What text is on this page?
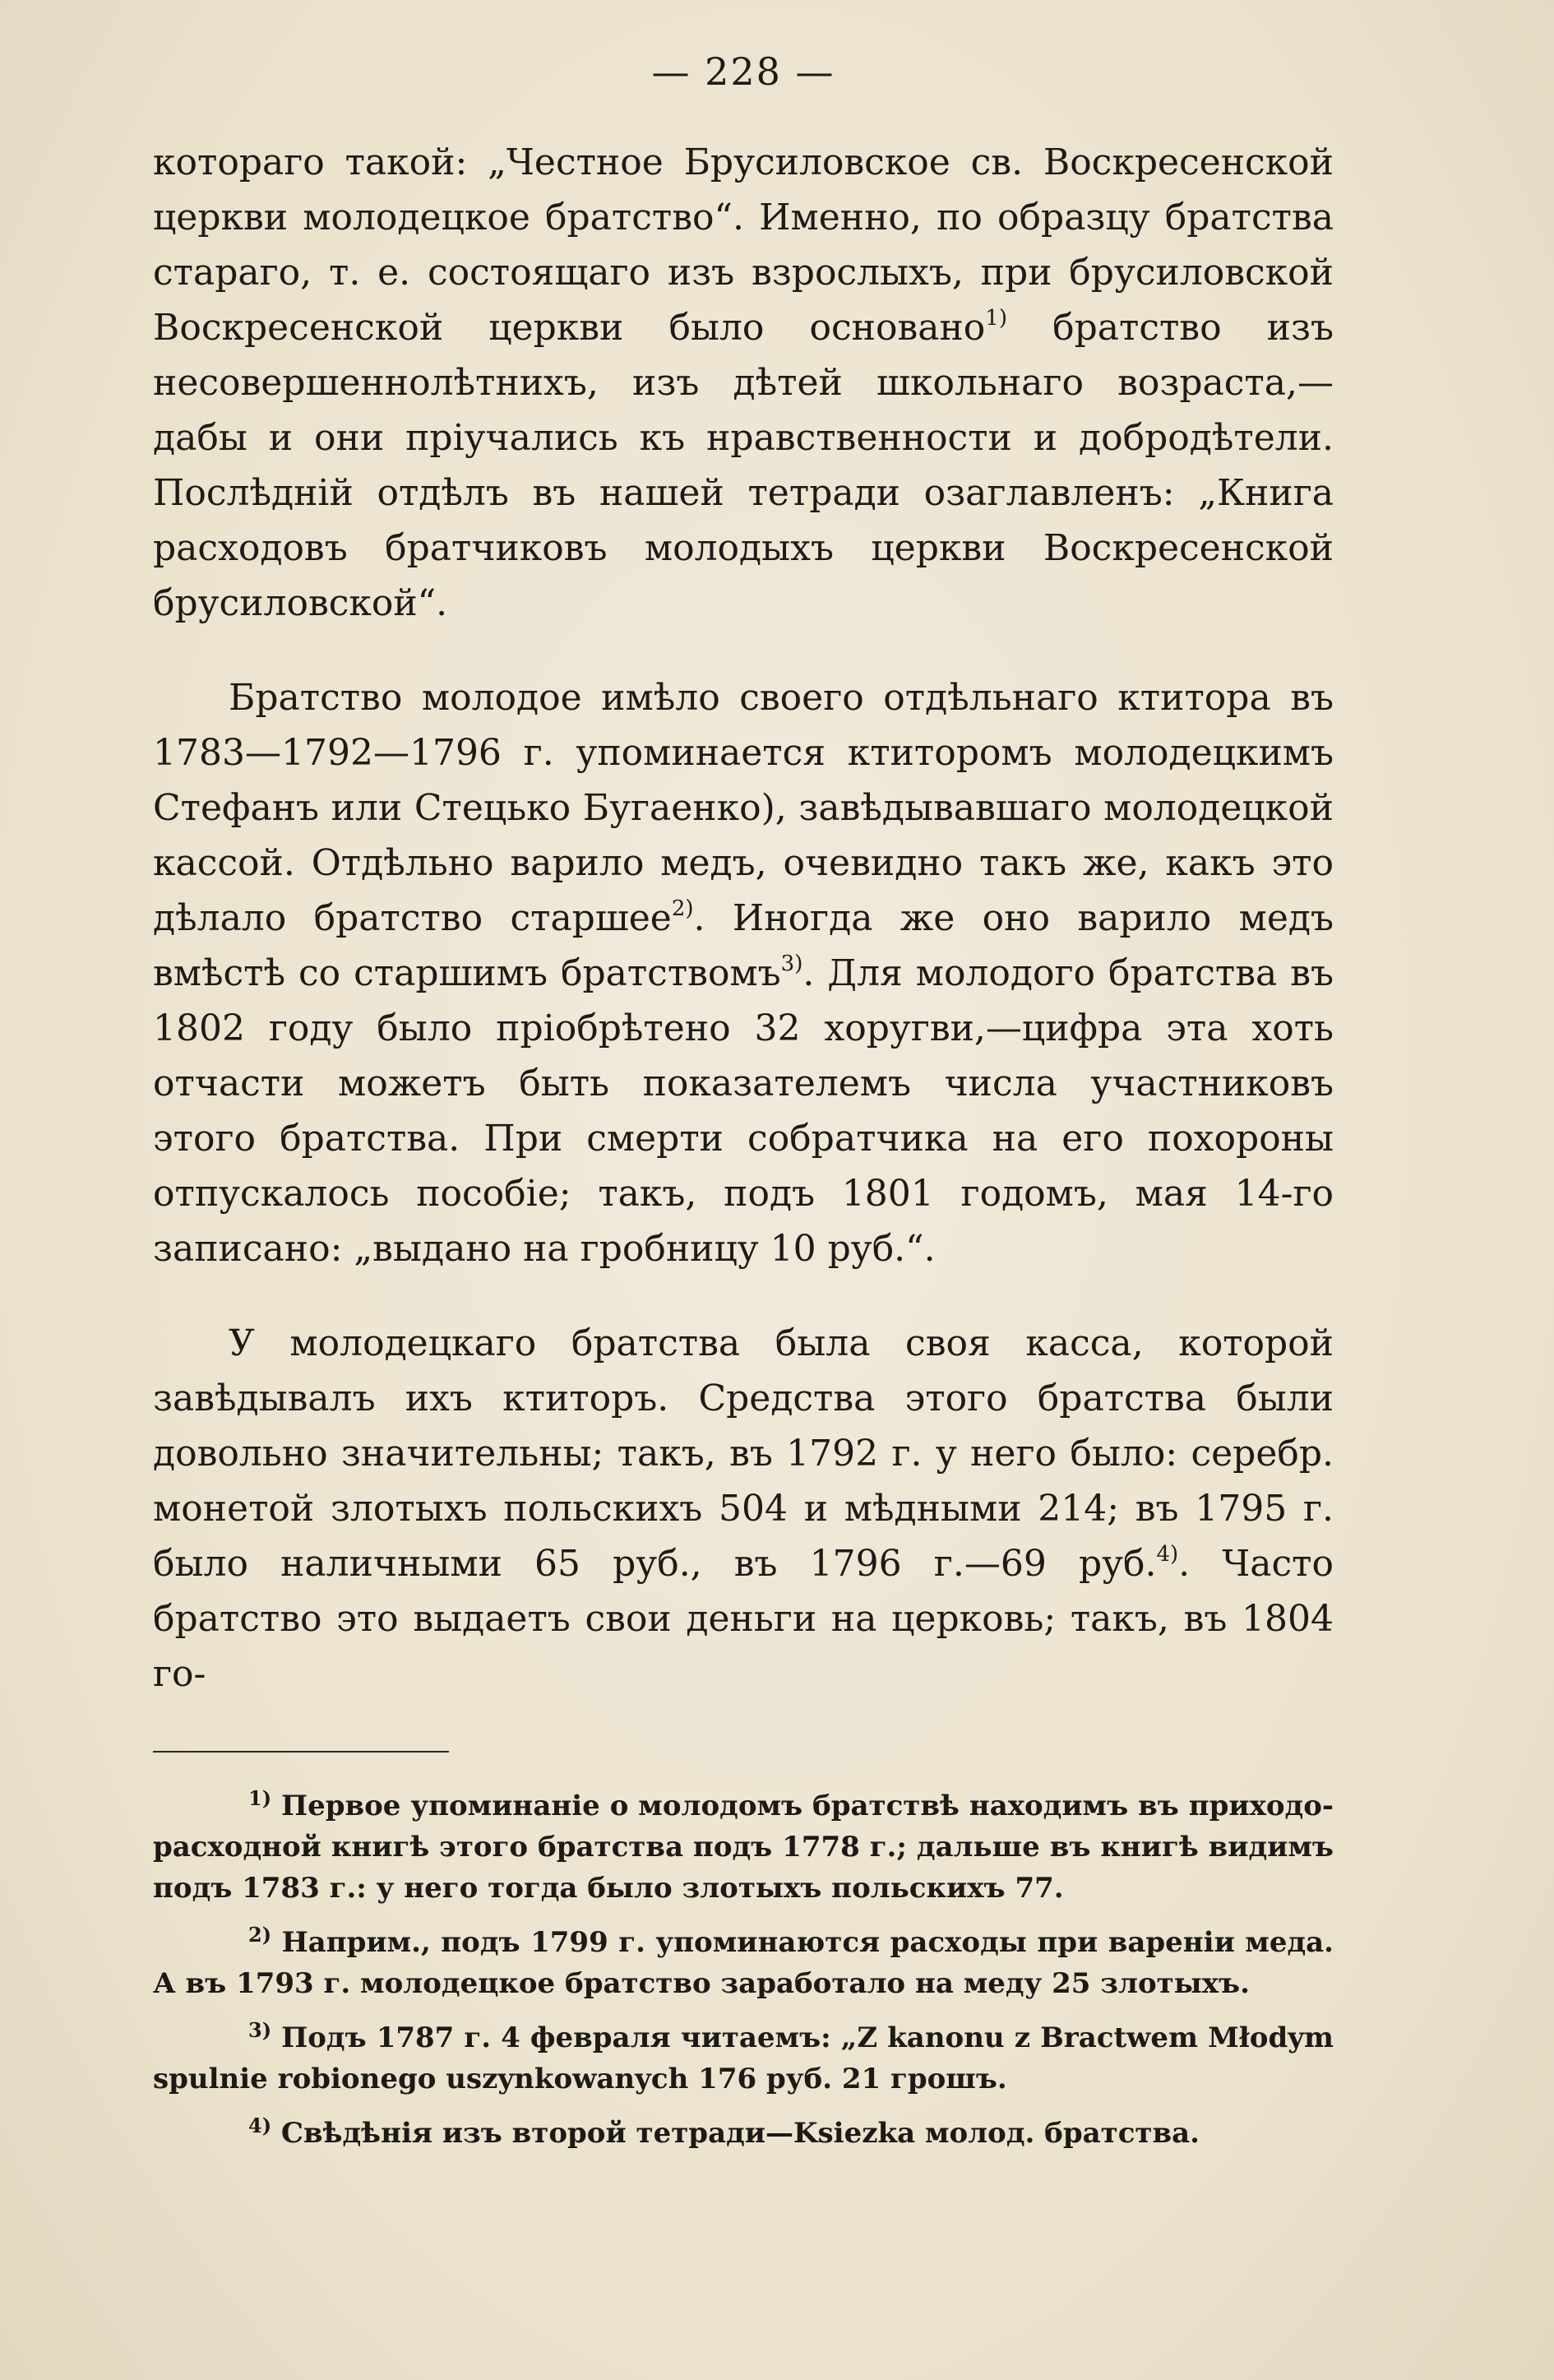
— 228 —

котораго такой: „Честное Брусиловское св. Воскресенской церкви молодецкое братство“. Именно, по образцу братства стараго, т. е. состоящаго изъ взрослыхъ, при брусиловской Воскресенской церкви было основано$^{1)}$ братство изъ несовершеннолѣтнихъ, изъ дѣтей школьнаго возраста,—дабы и они пріучались къ нравственности и добродѣтели. Послѣдній отдѣлъ въ нашей тетради озаглавленъ: „Книга расходовъ братчиковъ молодыхъ церкви Воскресенской брусиловской“.

Братство молодое имѣло своего отдѣльнаго ктитора въ 1783—1792—1796 г. упоминается ктиторомъ молодецкимъ Стефанъ или Стецько Бугаенко), завѣдывавшаго молодецкой кассой. Отдѣльно варило медъ, очевидно такъ же, какъ это дѣлало братство старшее$^{2)}$. Иногда же оно варило медъ вмѣстѣ со старшимъ братствомъ$^{3)}$. Для молодого братства въ 1802 году было пріобрѣтено 32 хоругви,—цифра эта хоть отчасти можетъ быть показателемъ числа участниковъ этого братства. При смерти собратчика на его похороны отпускалось пособіе; такъ, подъ 1801 годомъ, мая 14-го записано: „выдано на гробницу 10 руб.“.

У молодецкаго братства была своя касса, которой завѣдывалъ ихъ ктиторъ. Средства этого братства были довольно значительны; такъ, въ 1792 г. у него было: серебр. монетой злотыхъ польскихъ 504 и мѣдными 214; въ 1795 г. было наличными 65 руб., въ 1796 г.—69 руб.$^{4)}$. Часто братство это выдаетъ свои деньги на церковь; такъ, въ 1804 го-

$^{1)}$ Первое упоминаніе о молодомъ братствѣ находимъ въ приходо-расходной книгѣ этого братства подъ 1778 г.; дальше въ книгѣ видимъ подъ 1783 г.: у него тогда было злотыхъ польскихъ 77.

$^{2)}$ Наприм., подъ 1799 г. упоминаются расходы при вареніи меда. А въ 1793 г. молодецкое братство заработало на меду 25 злотыхъ.

$^{3)}$ Подъ 1787 г. 4 февраля читаемъ: „Z kanonu z Bractwem Młodym spulnie robionego uszynkowanych 176 руб. 21 грошъ.

$^{4)}$ Свѣдѣнія изъ второй тетради—Ksiezka молод. братства.
